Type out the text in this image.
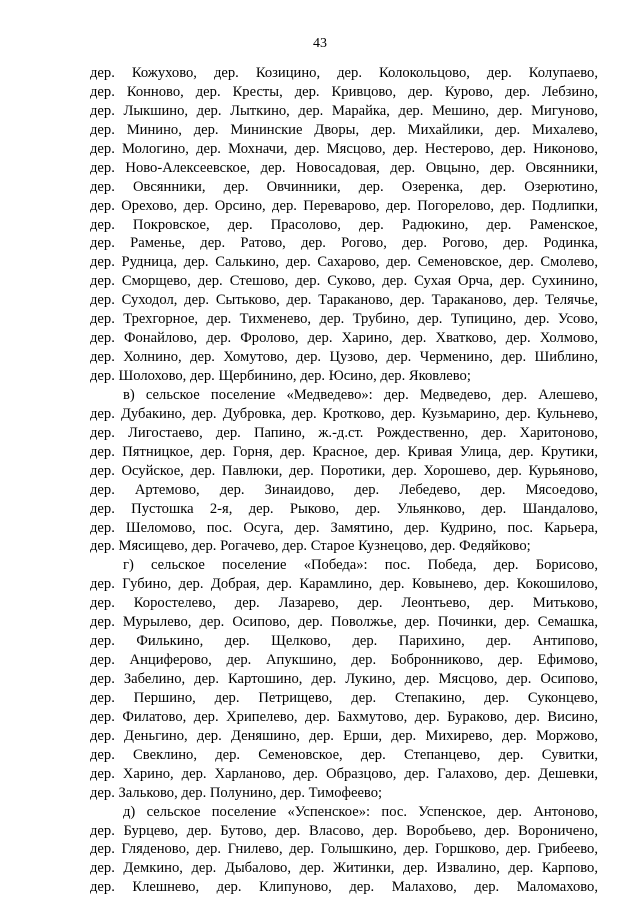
43
дер. Кожухово, дер. Козицино, дер. Колокольцово, дер. Колупаево,
дер. Конново, дер. Кресты, дер. Кривцово, дер. Курово, дер. Лебзино,
дер. Лыкшино, дер. Лыткино, дер. Марайка, дер. Мешино, дер. Мигуново,
дер. Минино, дер. Мининские Дворы, дер. Михайлики, дер. Михалево,
дер. Мологино, дер. Мохначи, дер. Мясцово, дер. Нестерово, дер. Никоново,
дер. Ново-Алексеевское, дер. Новосадовая, дер. Овцыно, дер. Овсянники,
дер. Овсянники, дер. Овчинники, дер. Озеренка, дер. Озерютино,
дер. Орехово, дер. Орсино, дер. Переварово, дер. Погорелово, дер. Подлипки,
дер. Покровское, дер. Прасолово, дер. Радюкино, дер. Раменское,
дер. Раменье, дер. Ратово, дер. Рогово, дер. Рогово, дер. Родинка,
дер. Рудница, дер. Салькино, дер. Сахарово, дер. Семеновское, дер. Смолево,
дер. Сморщево, дер. Стешово, дер. Суково, дер. Сухая Орча, дер. Сухинино,
дер. Суходол, дер. Сытьково, дер. Тараканово, дер. Тараканово, дер. Телячье,
дер. Трехгорное, дер. Тихменево, дер. Трубино, дер. Тупицино, дер. Усово,
дер. Фонайлово, дер. Фролово, дер. Харино, дер. Хватково, дер. Холмово,
дер. Холнино, дер. Хомутово, дер. Цузово, дер. Черменино, дер. Шиблино,
дер. Шолохово, дер. Щербинино, дер. Юсино, дер. Яковлево;
в) сельское поселение «Медведево»: дер. Медведево, дер. Алешево,
дер. Дубакино, дер. Дубровка, дер. Кротково, дер. Кузьмарино, дер. Кульнево,
дер. Лигостаево, дер. Папино, ж.-д.ст. Рождественно, дер. Харитоново,
дер. Пятницкое, дер. Горня, дер. Красное, дер. Кривая Улица, дер. Крутики,
дер. Осуйское, дер. Павлюки, дер. Поротики, дер. Хорошево, дер. Курьяново,
дер. Артемово, дер. Зинаидово, дер. Лебедево, дер. Мясоедово,
дер. Пустошка 2-я, дер. Рыково, дер. Ульянково, дер. Шандалово,
дер. Шеломово, пос. Осуга, дер. Замятино, дер. Кудрино, пос. Карьера,
дер. Мясищево, дер. Рогачево, дер. Старое Кузнецово, дер. Федяйково;
г) сельское поселение «Победа»: пос. Победа, дер. Борисово,
дер. Губино, дер. Добрая, дер. Карамлино, дер. Ковынево, дер. Кокошилово,
дер. Коростелево, дер. Лазарево, дер. Леонтьево, дер. Митьково,
дер. Мурылево, дер. Осипово, дер. Поволжье, дер. Починки, дер. Семашка,
дер. Филькино, дер. Щелково, дер. Парихино, дер. Антипово,
дер. Анциферово, дер. Апукшино, дер. Бобронниково, дер. Ефимово,
дер. Забелино, дер. Картошино, дер. Лукино, дер. Мясцово, дер. Осипово,
дер. Першино, дер. Петрищево, дер. Степакино, дер. Суконцево,
дер. Филатово, дер. Хрипелево, дер. Бахмутово, дер. Бураково, дер. Висино,
дер. Деньгино, дер. Деняшино, дер. Ерши, дер. Михирево, дер. Моржово,
дер. Свеклино, дер. Семеновское, дер. Степанцево, дер. Сувитки,
дер. Харино, дер. Харланово, дер. Образцово, дер. Галахово, дер. Дешевки,
дер. Зальково, дер. Полунино, дер. Тимофеево;
д) сельское поселение «Успенское»: пос. Успенское, дер. Антоново,
дер. Бурцево, дер. Бутово, дер. Власово, дер. Воробьево, дер. Вороничено,
дер. Гляденово, дер. Гнилево, дер. Голышкино, дер. Горшково, дер. Грибеево,
дер. Демкино, дер. Дыбалово, дер. Житинки, дер. Извалино, дер. Карпово,
дер. Клешнево, дер. Клипуново, дер. Малахово, дер. Маломахово,
